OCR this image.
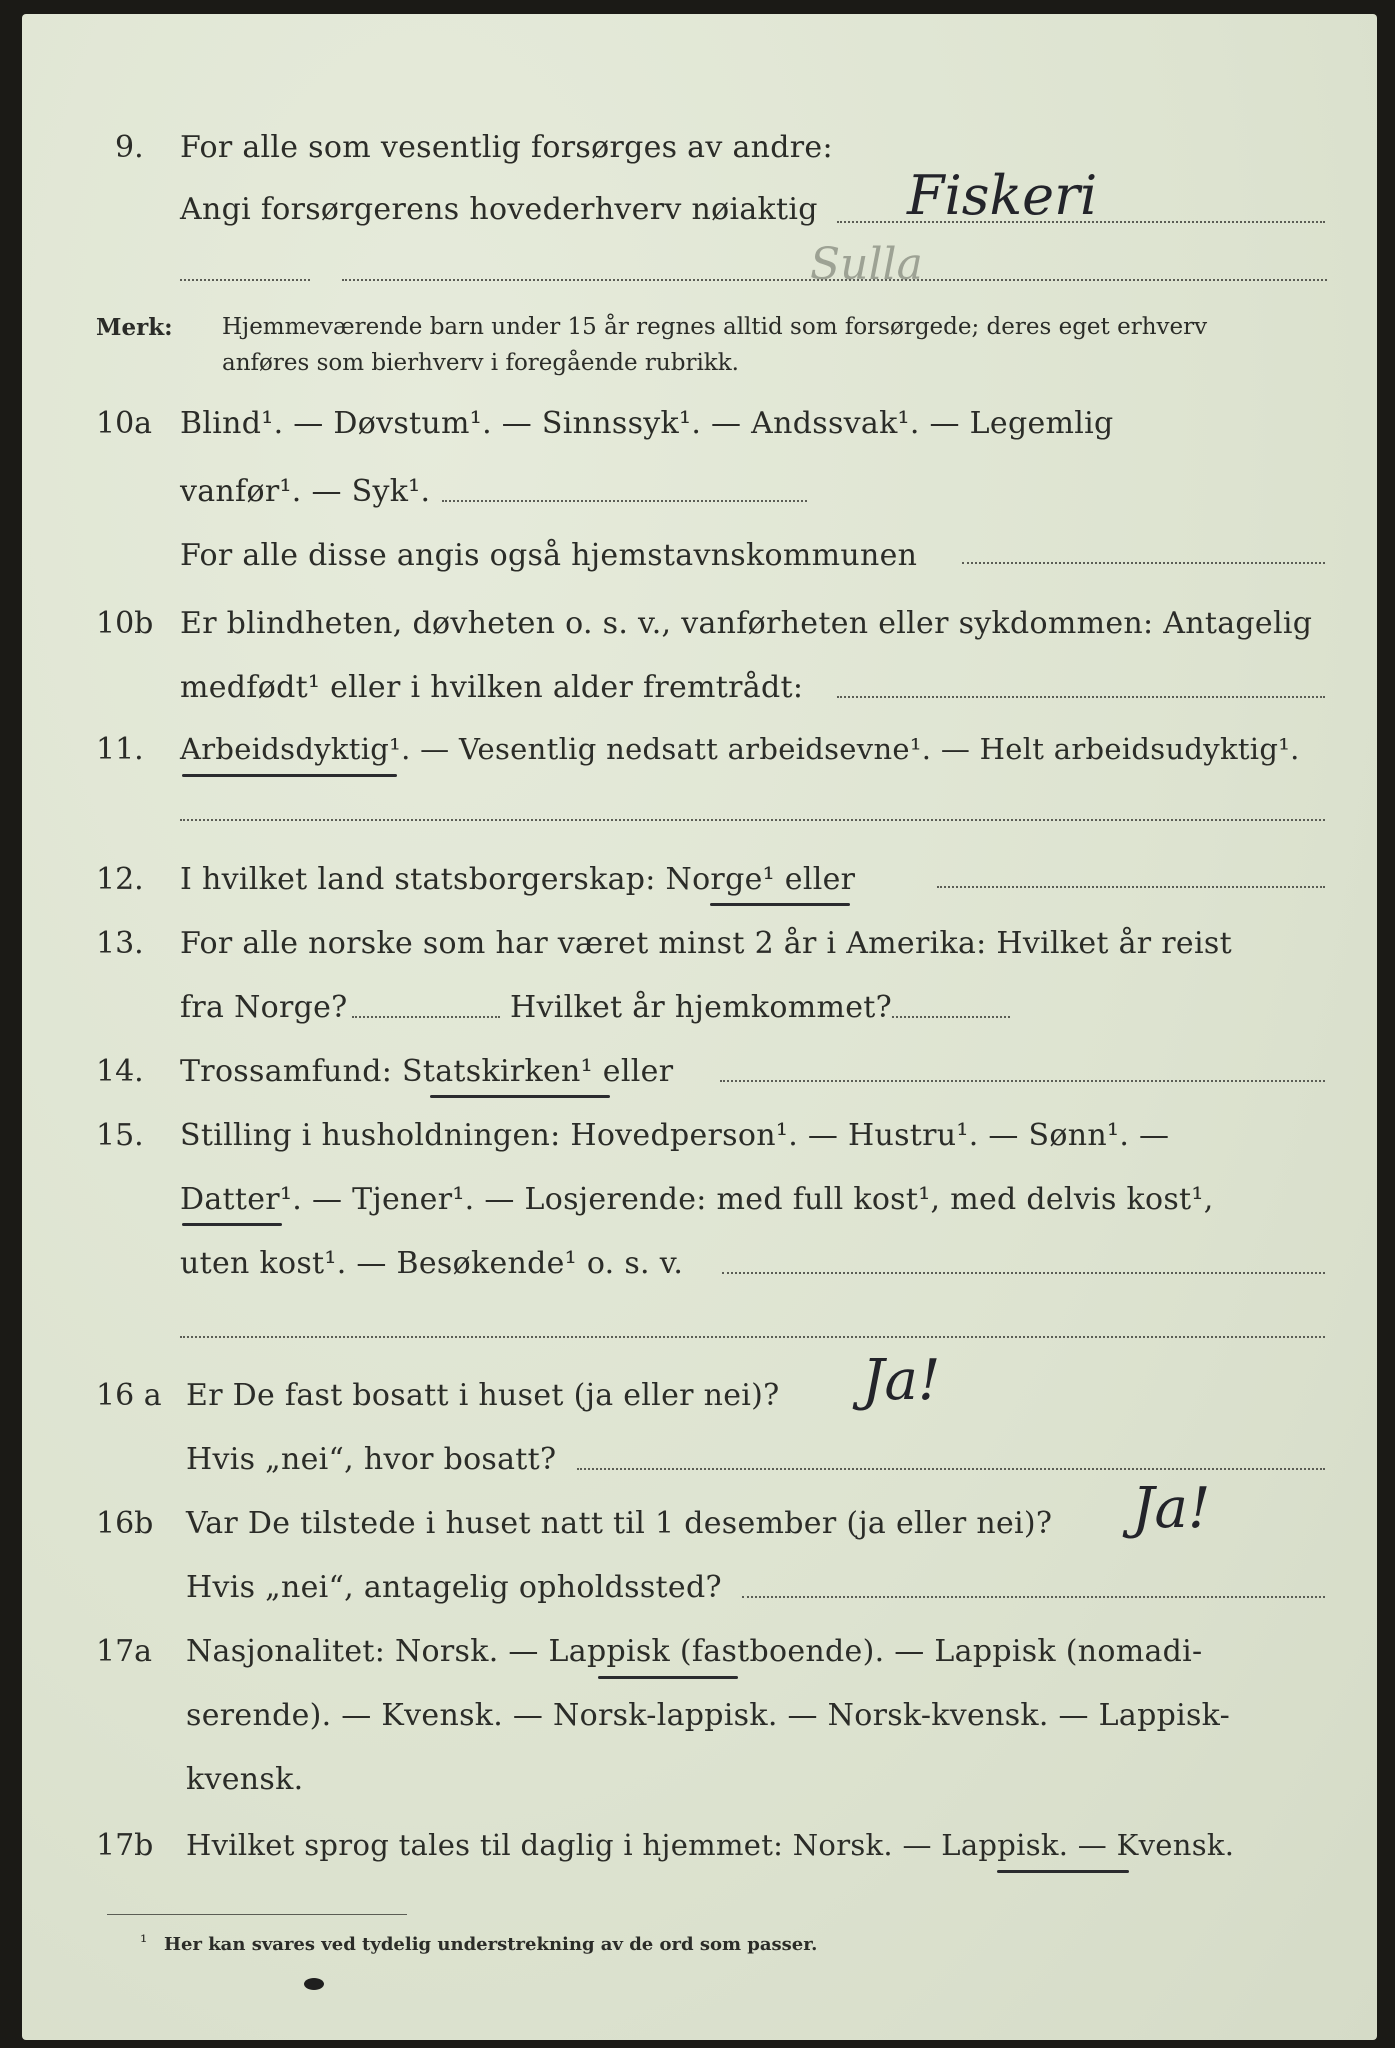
9. For alle som vesentlig forsørges av andre:
Angi forsørgerens hovederhverv nøiaktig Fiskeri
Sulla
Merk: Hjemmeværende barn under 15 år regnes alltid som forsørgede; deres eget erhverv
anføres som bierhverv i foregående rubrikk.
10a Blind¹. — Døvstum¹. — Sinnssyk¹. — Andssvak¹. — Legemlig
vanfør¹. — Syk¹.
For alle disse angis også hjemstavnskommunen
10b Er blindheten, døvheten o. s. v., vanførheten eller sykdommen: Antagelig
medfødt¹ eller i hvilken alder fremtrådt:
11. Arbeidsdyktig¹. — Vesentlig nedsatt arbeidsevne¹. — Helt arbeidsudyktig¹.
12. I hvilket land statsborgerskap: Norge¹ eller
13. For alle norske som har været minst 2 år i Amerika: Hvilket år reist
fra Norge?	Hvilket år hjemkommet?
14. Trossamfund: Statskirken¹ eller
15. Stilling i husholdningen: Hovedperson¹. — Hustru¹. — Sønn¹. —
Datter¹. — Tjener¹. — Losjerende: med full kost¹, med delvis kost¹,
uten kost¹. — Besøkende¹ o. s. v.
16 a Er De fast bosatt i huset (ja eller nei)? Ja!
Hvis „nei“, hvor bosatt?
16b Var De tilstede i huset natt til 1 desember (ja eller nei)? Ja!
Hvis „nei“, antagelig opholdssted?
17a Nasjonalitet: Norsk. — Lappisk (fastboende). — Lappisk (nomadi-
serende). — Kvensk. — Norsk-lappisk. — Norsk-kvensk. — Lappisk-
kvensk.
17b Hvilket sprog tales til daglig i hjemmet: Norsk. — Lappisk. — Kvensk.
¹ Her kan svares ved tydelig understrekning av de ord som passer.
